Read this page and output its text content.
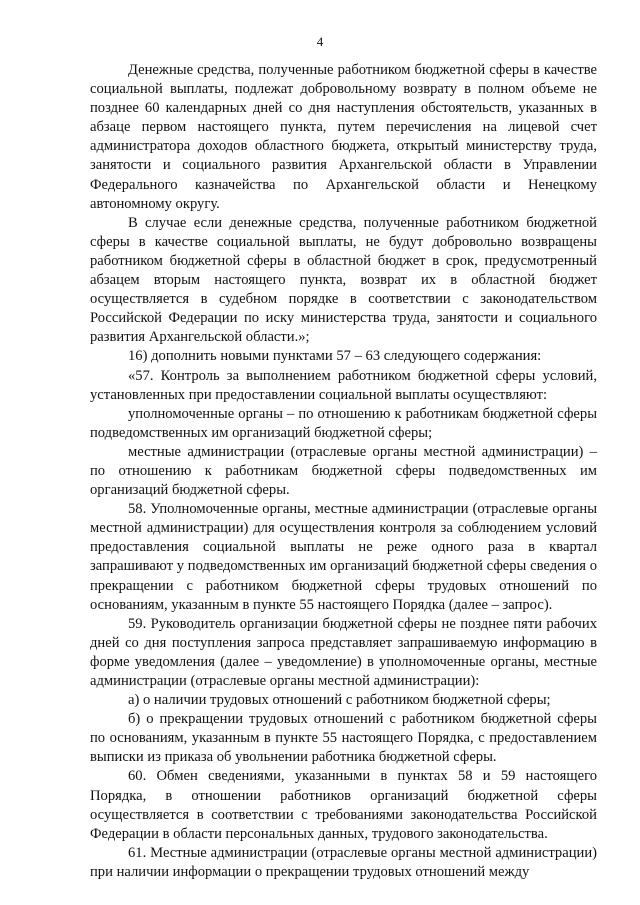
4

Денежные средства, полученные работником бюджетной сферы в качестве социальной выплаты, подлежат добровольному возврату в полном объеме не позднее 60 календарных дней со дня наступления обстоятельств, указанных в абзаце первом настоящего пункта, путем перечисления на лицевой счет администратора доходов областного бюджета, открытый министерству труда, занятости и социального развития Архангельской области в Управлении Федерального казначейства по Архангельской области и Ненецкому автономному округу.

В случае если денежные средства, полученные работником бюджетной сферы в качестве социальной выплаты, не будут добровольно возвращены работником бюджетной сферы в областной бюджет в срок, предусмотренный абзацем вторым настоящего пункта, возврат их в областной бюджет осуществляется в судебном порядке в соответствии с законодательством Российской Федерации по иску министерства труда, занятости и социального развития Архангельской области.»;

16) дополнить новыми пунктами 57 – 63 следующего содержания:

«57. Контроль за выполнением работником бюджетной сферы условий, установленных при предоставлении социальной выплаты осуществляют:

уполномоченные органы – по отношению к работникам бюджетной сферы подведомственных им организаций бюджетной сферы;

местные администрации (отраслевые органы местной администрации) – по отношению к работникам бюджетной сферы подведомственных им организаций бюджетной сферы.

58. Уполномоченные органы, местные администрации (отраслевые органы местной администрации) для осуществления контроля за соблюдением условий предоставления социальной выплаты не реже одного раза в квартал запрашивают у подведомственных им организаций бюджетной сферы сведения о прекращении с работником бюджетной сферы трудовых отношений по основаниям, указанным в пункте 55 настоящего Порядка (далее – запрос).

59. Руководитель организации бюджетной сферы не позднее пяти рабочих дней со дня поступления запроса представляет запрашиваемую информацию в форме уведомления (далее – уведомление) в уполномоченные органы, местные администрации (отраслевые органы местной администрации):

а) о наличии трудовых отношений с работником бюджетной сферы;

б) о прекращении трудовых отношений с работником бюджетной сферы по основаниям, указанным в пункте 55 настоящего Порядка, с предоставлением выписки из приказа об увольнении работника бюджетной сферы.

60. Обмен сведениями, указанными в пунктах 58 и 59 настоящего Порядка, в отношении работников организаций бюджетной сферы осуществляется в соответствии с требованиями законодательства Российской Федерации в области персональных данных, трудового законодательства.

61. Местные администрации (отраслевые органы местной администрации) при наличии информации о прекращении трудовых отношений между
